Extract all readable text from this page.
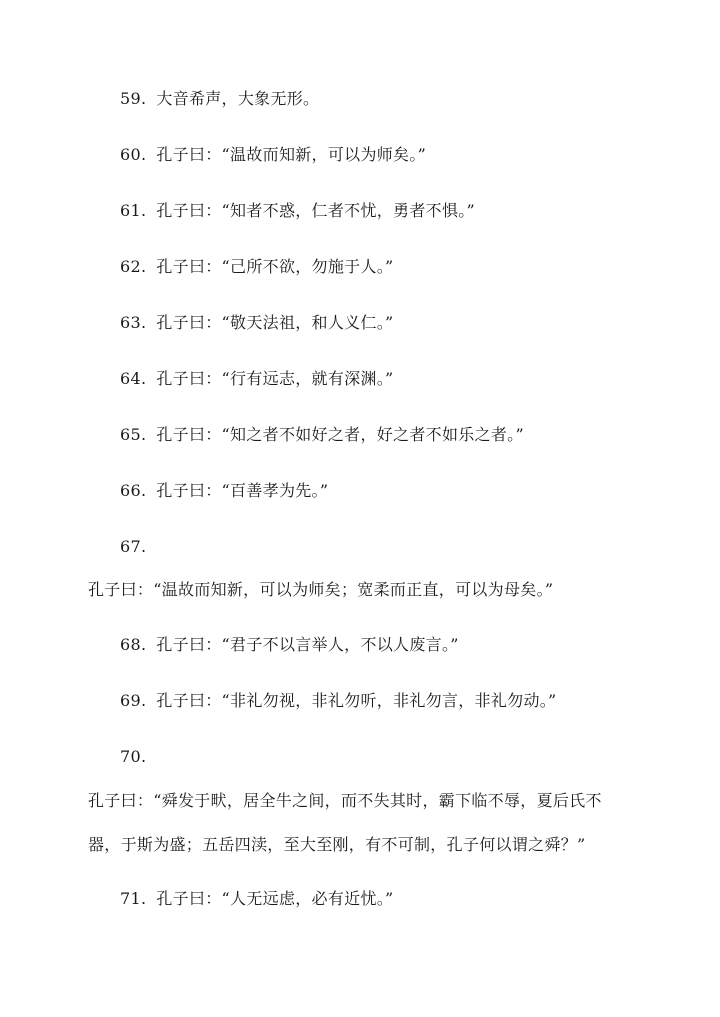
59. 大音希声，大象无形。
60. 孔子曰：“温故而知新，可以为师矣。”
61. 孔子曰：“知者不惑，仁者不忧，勇者不惧。”
62. 孔子曰：“己所不欲，勿施于人。”
63. 孔子曰：“敬天法祖，和人义仁。”
64. 孔子曰：“行有远志，就有深渊。”
65. 孔子曰：“知之者不如好之者，好之者不如乐之者。”
66. 孔子曰：“百善孝为先。”
67.
孔子曰：“温故而知新，可以为师矣；宽柔而正直，可以为母矣。”
68. 孔子曰：“君子不以言举人，不以人废言。”
69. 孔子曰：“非礼勿视，非礼勿听，非礼勿言，非礼勿动。”
70.
孔子曰：“舜发于畎，居全牛之间，而不失其时，霸下临不辱，夏后氏不
器，于斯为盛；五岳四渎，至大至刚，有不可制，孔子何以谓之舜？”
71. 孔子曰：“人无远虑，必有近忧。”
